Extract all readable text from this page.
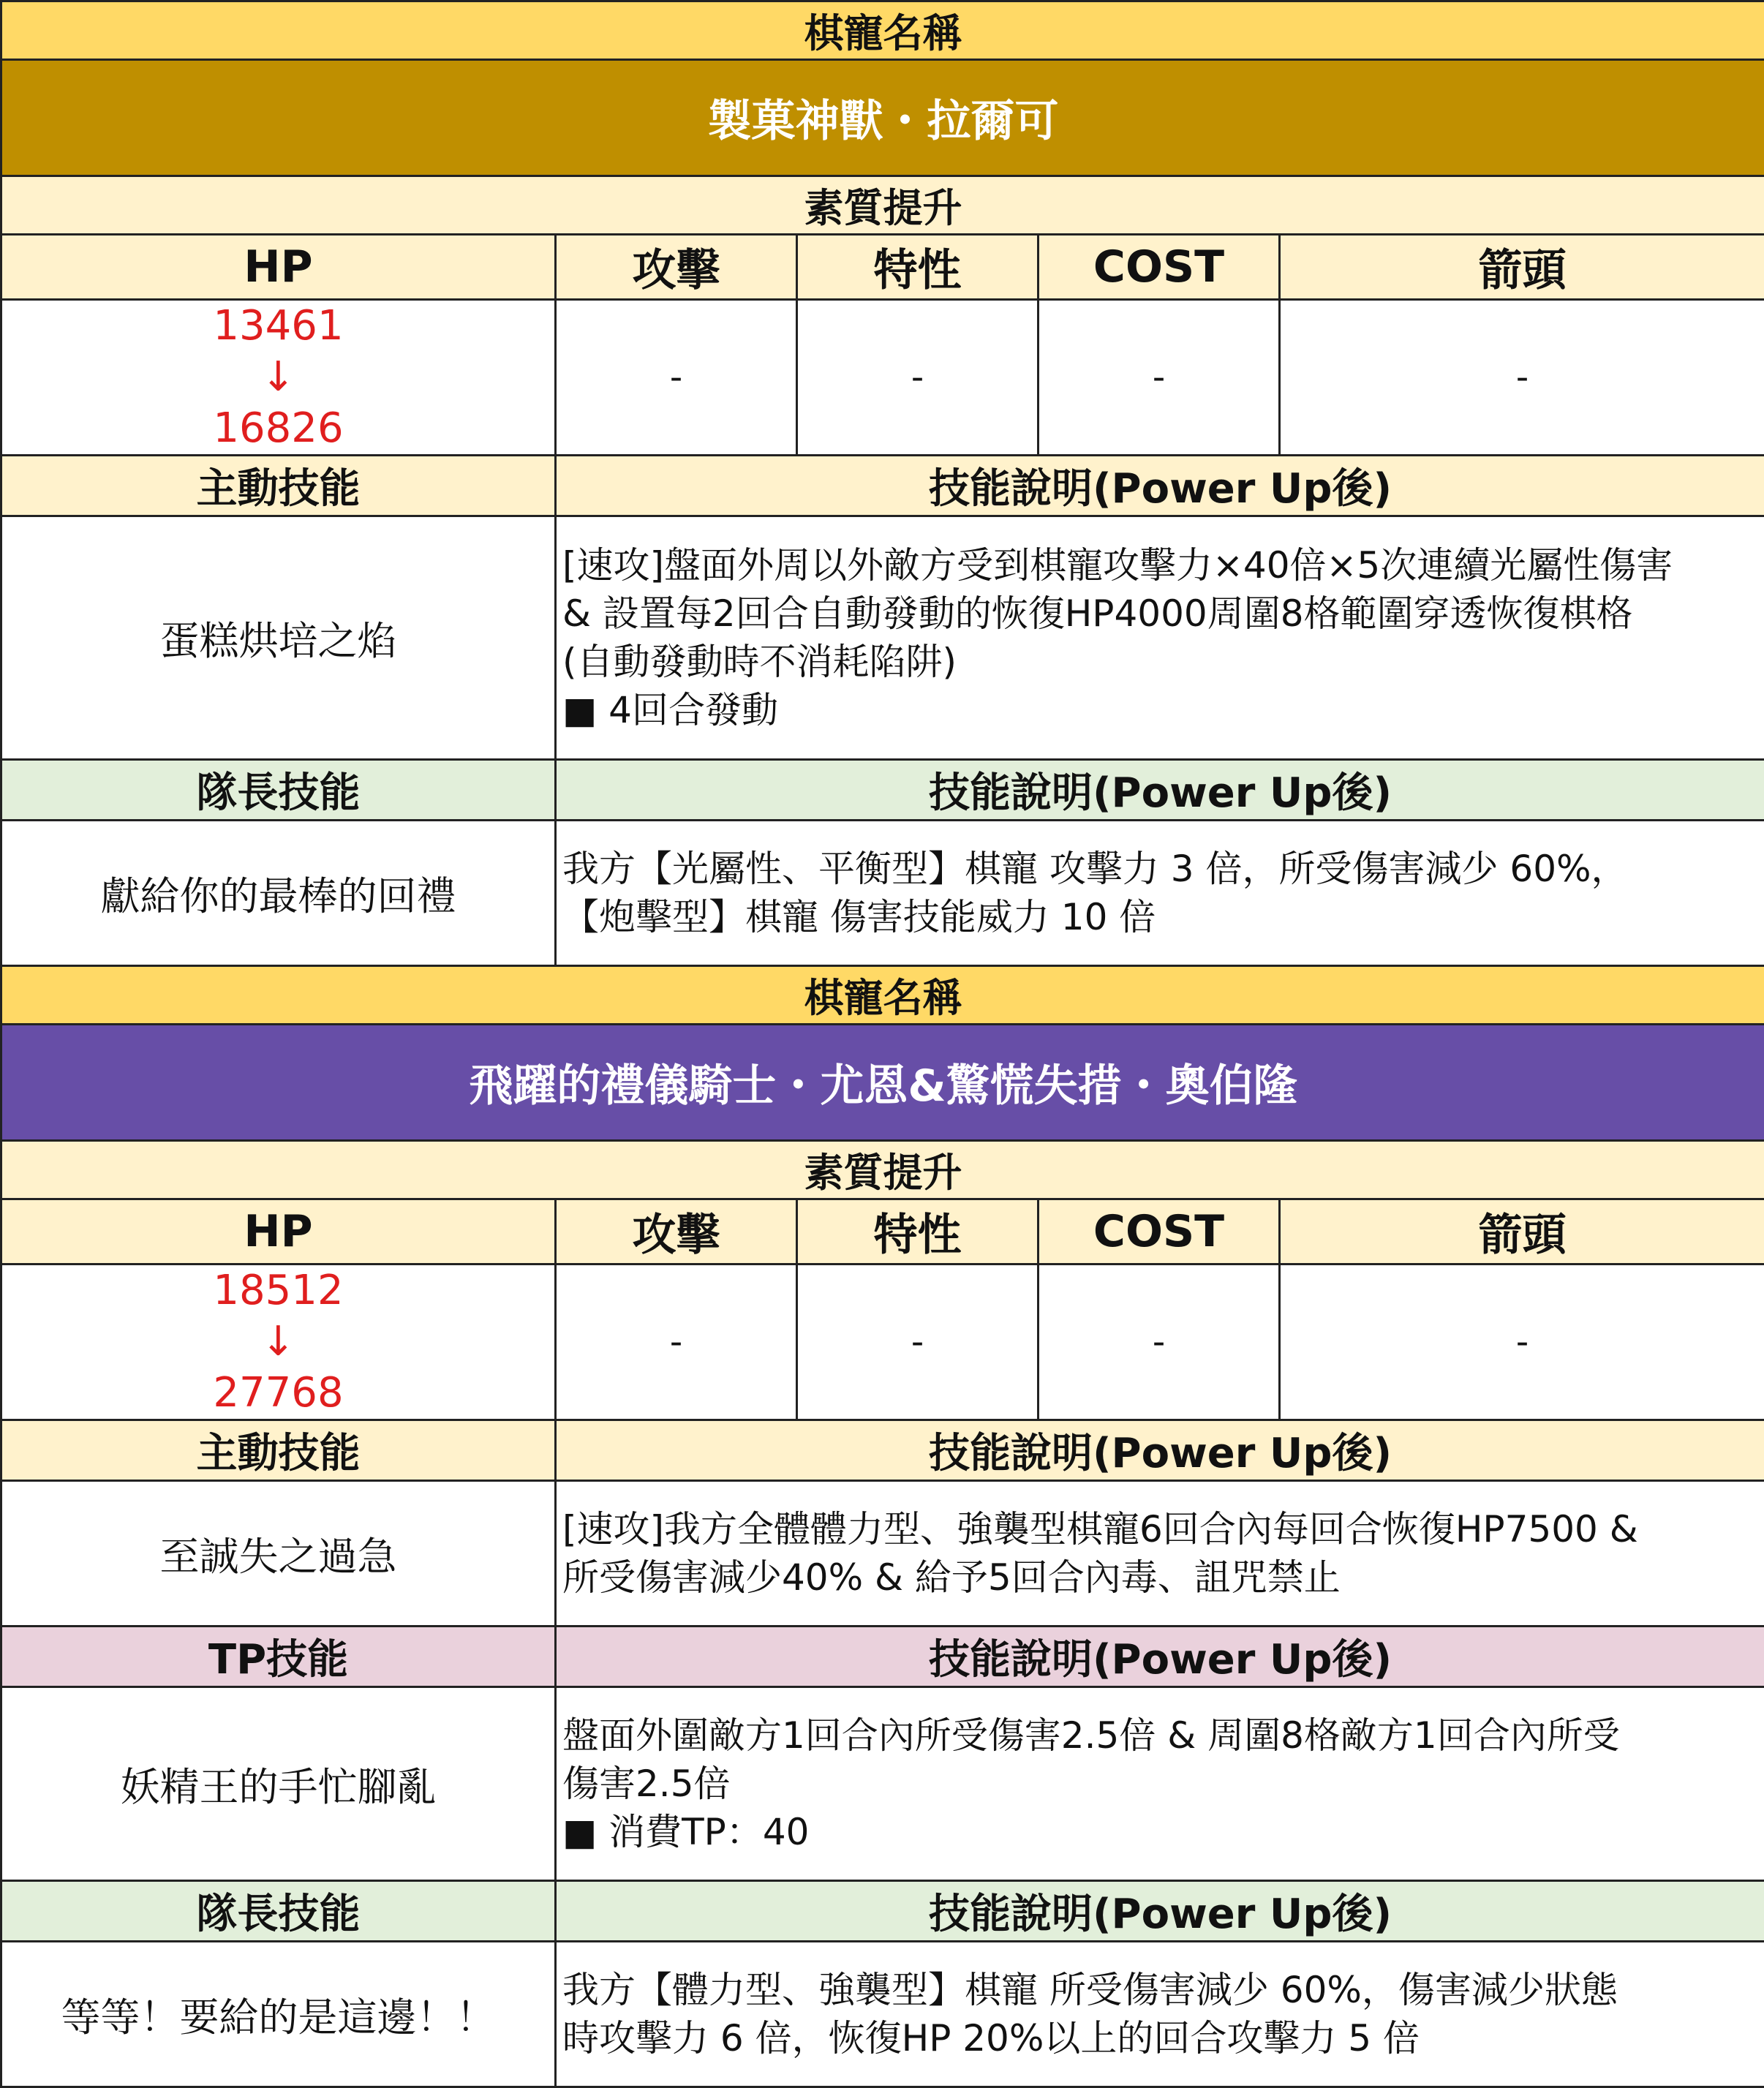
棋寵名稱				
製菓神獸・拉爾可				
素質提升				
HP	攻擊	特性	COST	箭頭

13461
↓
16826	-	-	-	-
主動技能	技能說明(Power Up後)			
蛋糕烘培之焰	[速攻]盤面外周以外敵方受到棋寵攻擊力×40倍×5次連續光屬性傷害
& 設置每2回合自動發動的恢復HP4000周圍8格範圍穿透恢復棋格
(自動發動時不消耗陷阱)
■ 4回合發動			

隊長技能	技能說明(Power Up後)			
獻給你的最棒的回禮	我方【光屬性、平衡型】棋寵 攻擊力 3 倍，所受傷害減少 60%，
【炮擊型】棋寵 傷害技能威力 10 倍			

棋寵名稱				
飛躍的禮儀騎士・尤恩&驚慌失措・奧伯隆				
素質提升				
HP	攻擊	特性	COST	箭頭

18512
↓
27768	-	-	-	-
主動技能	技能說明(Power Up後)			
至誠失之過急	[速攻]我方全體體力型、強襲型棋寵6回合內每回合恢復HP7500 &
所受傷害減少40% & 給予5回合內毒、詛咒禁止			

TP技能	技能說明(Power Up後)			
妖精王的手忙腳亂	盤面外圍敵方1回合內所受傷害2.5倍 & 周圍8格敵方1回合內所受
傷害2.5倍
■ 消費TP：40			

隊長技能	技能說明(Power Up後)			
等等！要給的是這邊！！	我方【體力型、強襲型】棋寵 所受傷害減少 60%，傷害減少狀態
時攻擊力 6 倍，恢復HP 20%以上的回合攻擊力 5 倍			
